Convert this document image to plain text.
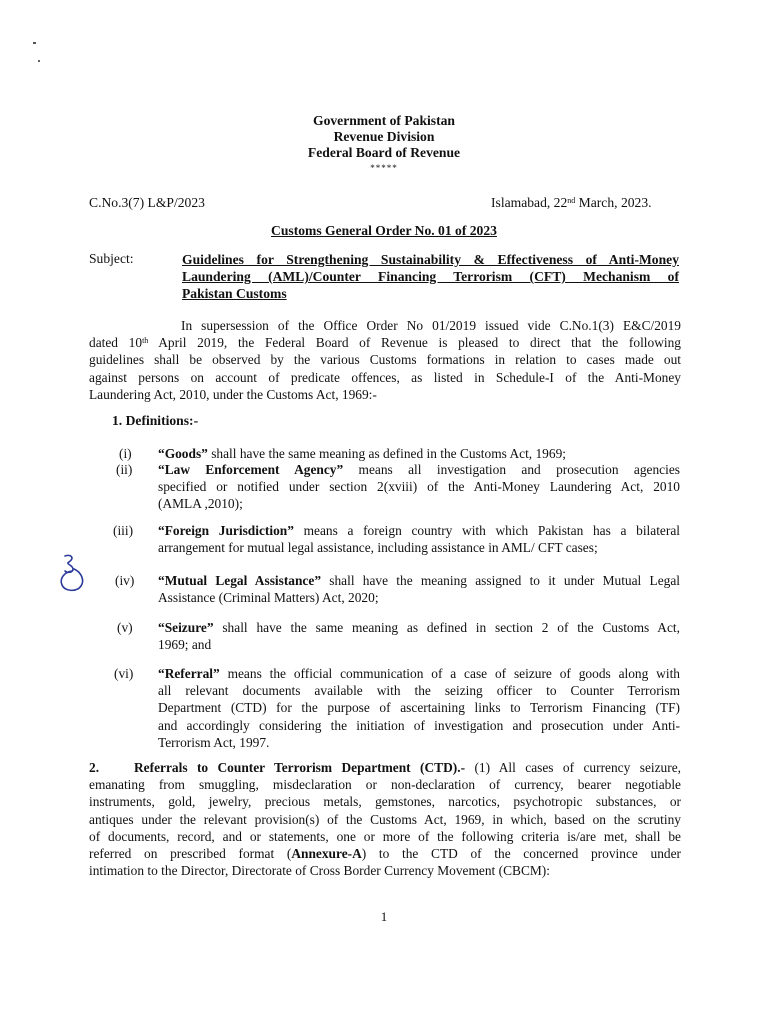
Government of Pakistan
Revenue Division
Federal Board of Revenue
*****
C.No.3(7) L&P/2023	Islamabad, 22nd March, 2023.
Customs General Order No. 01 of 2023
Subject:	Guidelines for Strengthening Sustainability & Effectiveness of Anti-Money
Laundering (AML)/Counter Financing Terrorism (CFT) Mechanism of
Pakistan Customs
In supersession of the Office Order No 01/2019 issued vide C.No.1(3) E&C/2019
dated 10th April 2019, the Federal Board of Revenue is pleased to direct that the following
guidelines shall be observed by the various Customs formations in relation to cases made out
against persons on account of predicate offences, as listed in Schedule-I of the Anti-Money
Laundering Act, 2010, under the Customs Act, 1969:-
1. Definitions:-
(i) “Goods” shall have the same meaning as defined in the Customs Act, 1969;
(ii) “Law Enforcement Agency” means all investigation and prosecution agencies
specified or notified under section 2(xviii) of the Anti-Money Laundering Act, 2010
(AMLA ,2010);
(iii) “Foreign Jurisdiction” means a foreign country with which Pakistan has a bilateral
arrangement for mutual legal assistance, including assistance in AML/ CFT cases;
(iv) “Mutual Legal Assistance” shall have the meaning assigned to it under Mutual Legal
Assistance (Criminal Matters) Act, 2020;
(v) “Seizure” shall have the same meaning as defined in section 2 of the Customs Act,
1969; and
(vi) “Referral” means the official communication of a case of seizure of goods along with
all relevant documents available with the seizing officer to Counter Terrorism
Department (CTD) for the purpose of ascertaining links to Terrorism Financing (TF)
and accordingly considering the initiation of investigation and prosecution under Anti-
Terrorism Act, 1997.
2.	Referrals to Counter Terrorism Department (CTD).- (1) All cases of currency seizure,
emanating from smuggling, misdeclaration or non-declaration of currency, bearer negotiable
instruments, gold, jewelry, precious metals, gemstones, narcotics, psychotropic substances, or
antiques under the relevant provision(s) of the Customs Act, 1969, in which, based on the scrutiny
of documents, record, and or statements, one or more of the following criteria is/are met, shall be
referred on prescribed format (Annexure-A) to the CTD of the concerned province under
intimation to the Director, Directorate of Cross Border Currency Movement (CBCM):
1
